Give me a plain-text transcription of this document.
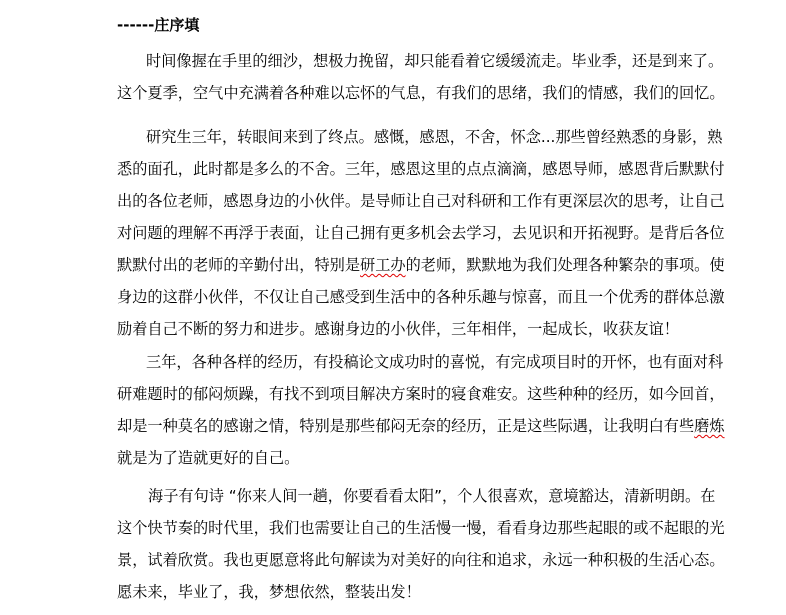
------庄序填
时间像握在手里的细沙，想极力挽留，却只能看着它缓缓流走。毕业季，还是到来了。
这个夏季，空气中充满着各种难以忘怀的气息，有我们的思绪，我们的情感，我们的回忆。
研究生三年，转眼间来到了终点。感慨，感恩，不舍，怀念...那些曾经熟悉的身影，熟
悉的面孔，此时都是多么的不舍。三年，感恩这里的点点滴滴，感恩导师，感恩背后默默付
出的各位老师，感恩身边的小伙伴。是导师让自己对科研和工作有更深层次的思考，让自己
对问题的理解不再浮于表面，让自己拥有更多机会去学习，去见识和开拓视野。是背后各位
默默付出的老师的辛勤付出，特别是研工办的老师，默默地为我们处理各种繁杂的事项。使
身边的这群小伙伴，不仅让自己感受到生活中的各种乐趣与惊喜，而且一个优秀的群体总激
励着自己不断的努力和进步。感谢身边的小伙伴，三年相伴，一起成长，收获友谊！
三年，各种各样的经历，有投稿论文成功时的喜悦，有完成项目时的开怀，也有面对科
研难题时的郁闷烦躁，有找不到项目解决方案时的寝食难安。这些种种的经历，如今回首，
却是一种莫名的感谢之情，特别是那些郁闷无奈的经历，正是这些际遇，让我明白有些磨炼
就是为了造就更好的自己。
海子有句诗 “你来人间一趟，你要看看太阳”，个人很喜欢，意境豁达，清新明朗。在
这个快节奏的时代里，我们也需要让自己的生活慢一慢，看看身边那些起眼的或不起眼的光
景，试着欣赏。我也更愿意将此句解读为对美好的向往和追求，永远一种积极的生活心态。
愿未来，毕业了，我，梦想依然，整装出发！
